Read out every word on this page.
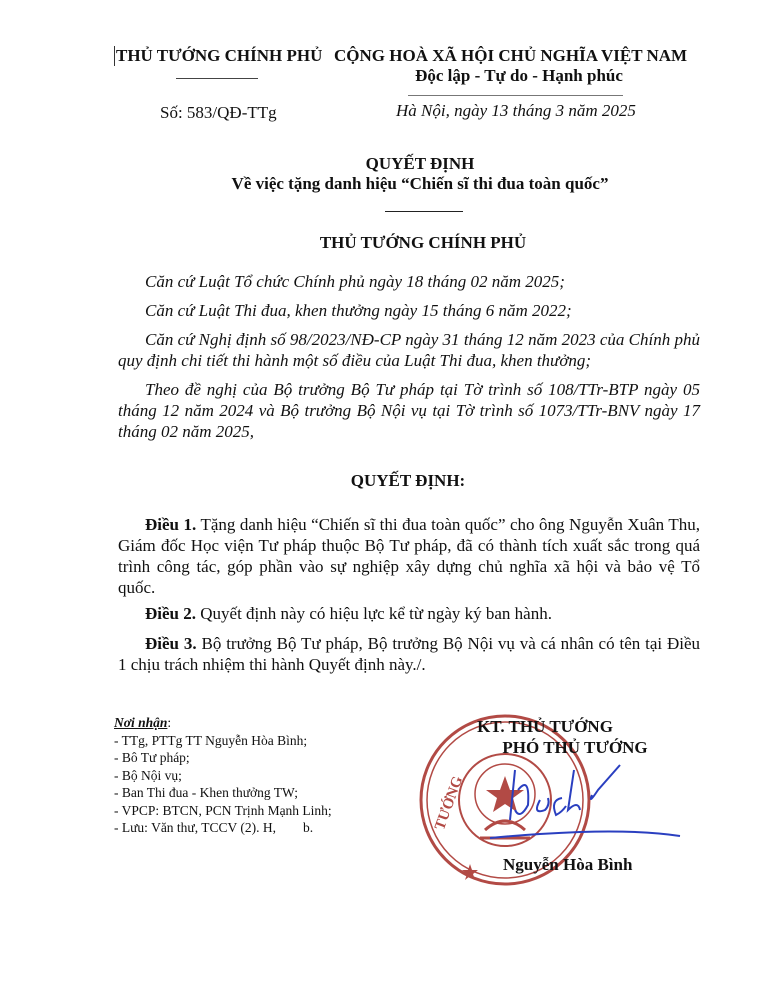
THỦ TƯỚNG CHÍNH PHỦ CỘNG HOÀ XÃ HỘI CHỦ NGHĨA VIỆT NAM
Độc lập - Tự do - Hạnh phúc
Số: 583/QĐ-TTg	Hà Nội, ngày 13 tháng 3 năm 2025
QUYẾT ĐỊNH
Về việc tặng danh hiệu “Chiến sĩ thi đua toàn quốc”
THỦ TƯỚNG CHÍNH PHỦ
Căn cứ Luật Tổ chức Chính phủ ngày 18 tháng 02 năm 2025;
Căn cứ Luật Thi đua, khen thưởng ngày 15 tháng 6 năm 2022;
Căn cứ Nghị định số 98/2023/NĐ-CP ngày 31 tháng 12 năm 2023 của Chính phủ quy định chi tiết thi hành một số điều của Luật Thi đua, khen thưởng;
Theo đề nghị của Bộ trưởng Bộ Tư pháp tại Tờ trình số 108/TTr-BTP ngày 05 tháng 12 năm 2024 và Bộ trưởng Bộ Nội vụ tại Tờ trình số 1073/TTr-BNV ngày 17 tháng 02 năm 2025,
QUYẾT ĐỊNH:
Điều 1. Tặng danh hiệu “Chiến sĩ thi đua toàn quốc” cho ông Nguyễn Xuân Thu, Giám đốc Học viện Tư pháp thuộc Bộ Tư pháp, đã có thành tích xuất sắc trong quá trình công tác, góp phần vào sự nghiệp xây dựng chủ nghĩa xã hội và bảo vệ Tổ quốc.
Điều 2. Quyết định này có hiệu lực kể từ ngày ký ban hành.
Điều 3. Bộ trưởng Bộ Tư pháp, Bộ trưởng Bộ Nội vụ và cá nhân có tên tại Điều 1 chịu trách nhiệm thi hành Quyết định này./.
Nơi nhận:
- TTg, PTTg TT Nguyễn Hòa Bình;
- Bô Tư pháp;
- Bộ Nội vụ;
- Ban Thi đua - Khen thưởng TW;
- VPCP: BTCN, PCN Trịnh Mạnh Linh;
- Lưu: Văn thư, TCCV (2). H,        b.	TƯỚNG
KT. THỦ TƯỚNG
PHÓ THỦ TƯỚNG
Nguyễn Hòa Bình
